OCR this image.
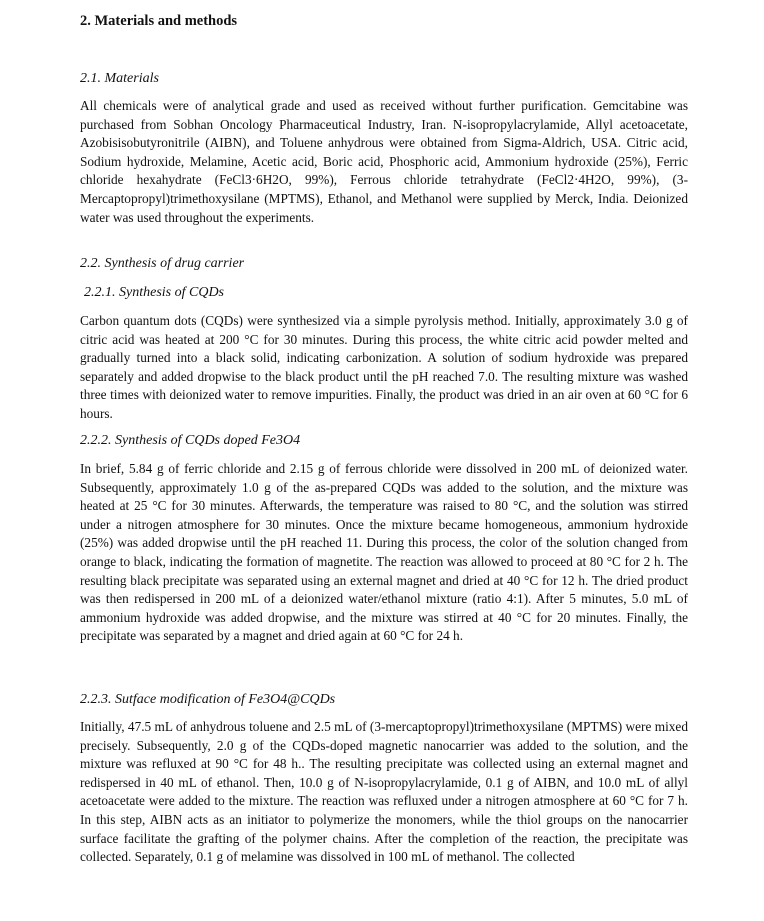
2. Materials and methods
2.1. Materials
All chemicals were of analytical grade and used as received without further purification. Gemcitabine was purchased from Sobhan Oncology Pharmaceutical Industry, Iran. N-isopropylacrylamide, Allyl acetoacetate, Azobisisobutyronitrile (AIBN), and Toluene anhydrous were obtained from Sigma-Aldrich, USA. Citric acid, Sodium hydroxide, Melamine, Acetic acid, Boric acid, Phosphoric acid, Ammonium hydroxide (25%), Ferric chloride hexahydrate (FeCl3·6H2O, 99%), Ferrous chloride tetrahydrate (FeCl2·4H2O, 99%), (3-Mercaptopropyl)trimethoxysilane (MPTMS), Ethanol, and Methanol were supplied by Merck, India. Deionized water was used throughout the experiments.
2.2. Synthesis of drug carrier
2.2.1. Synthesis of CQDs
Carbon quantum dots (CQDs) were synthesized via a simple pyrolysis method. Initially, approximately 3.0 g of citric acid was heated at 200 °C for 30 minutes. During this process, the white citric acid powder melted and gradually turned into a black solid, indicating carbonization. A solution of sodium hydroxide was prepared separately and added dropwise to the black product until the pH reached 7.0. The resulting mixture was washed three times with deionized water to remove impurities. Finally, the product was dried in an air oven at 60 °C for 6 hours.
2.2.2. Synthesis of CQDs doped Fe3O4
In brief, 5.84 g of ferric chloride and 2.15 g of ferrous chloride were dissolved in 200 mL of deionized water. Subsequently, approximately 1.0 g of the as-prepared CQDs was added to the solution, and the mixture was heated at 25 °C for 30 minutes. Afterwards, the temperature was raised to 80 °C, and the solution was stirred under a nitrogen atmosphere for 30 minutes. Once the mixture became homogeneous, ammonium hydroxide (25%) was added dropwise until the pH reached 11. During this process, the color of the solution changed from orange to black, indicating the formation of magnetite. The reaction was allowed to proceed at 80 °C for 2 h. The resulting black precipitate was separated using an external magnet and dried at 40 °C for 12 h. The dried product was then redispersed in 200 mL of a deionized water/ethanol mixture (ratio 4:1). After 5 minutes, 5.0 mL of ammonium hydroxide was added dropwise, and the mixture was stirred at 40 °C for 20 minutes. Finally, the precipitate was separated by a magnet and dried again at 60 °C for 24 h.
2.2.3. Sutface modification of Fe3O4@CQDs
Initially, 47.5 mL of anhydrous toluene and 2.5 mL of (3-mercaptopropyl)trimethoxysilane (MPTMS) were mixed precisely. Subsequently, 2.0 g of the CQDs-doped magnetic nanocarrier was added to the solution, and the mixture was refluxed at 90 °C for 48 h.. The resulting precipitate was collected using an external magnet and redispersed in 40 mL of ethanol. Then, 10.0 g of N-isopropylacrylamide, 0.1 g of AIBN, and 10.0 mL of allyl acetoacetate were added to the mixture. The reaction was refluxed under a nitrogen atmosphere at 60 °C for 7 h. In this step, AIBN acts as an initiator to polymerize the monomers, while the thiol groups on the nanocarrier surface facilitate the grafting of the polymer chains. After the completion of the reaction, the precipitate was collected. Separately, 0.1 g of melamine was dissolved in 100 mL of methanol. The collected
